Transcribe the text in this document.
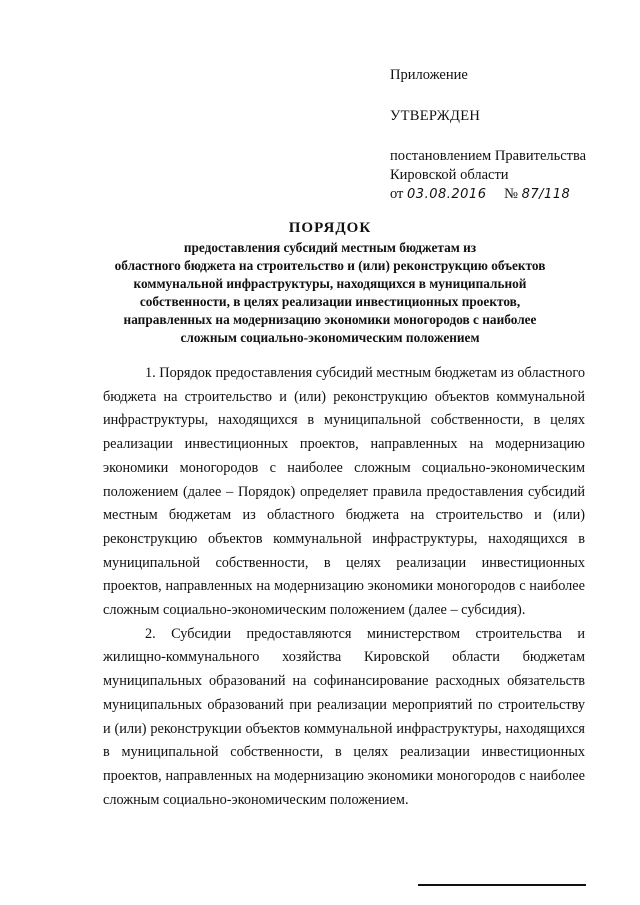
Приложение
УТВЕРЖДЕН
постановлением Правительства
Кировской области
от 03.08.2016 № 87/118
ПОРЯДОК
предоставления субсидий местным бюджетам из
областного бюджета на строительство и (или) реконструкцию объектов
коммунальной инфраструктуры, находящихся в муниципальной
собственности, в целях реализации инвестиционных проектов,
направленных на модернизацию экономики моногородов с наиболее
сложным социально-экономическим положением

1. Порядок предоставления субсидий местным бюджетам из областного бюджета на строительство и (или) реконструкцию объектов коммунальной инфраструктуры, находящихся в муниципальной собственности, в целях реализации инвестиционных проектов, направленных на модернизацию экономики моногородов с наиболее сложным социально-экономическим положением (далее – Порядок) определяет правила предоставления субсидий местным бюджетам из областного бюджета на строительство и (или) реконструкцию объектов коммунальной инфраструктуры, находящихся в муниципальной собственности, в целях реализации инвестиционных проектов, направленных на модернизацию экономики моногородов с наиболее сложным социально-экономическим положением (далее – субсидия).

2. Субсидии предоставляются министерством строительства и жилищно-коммунального хозяйства Кировской области бюджетам муниципальных образований на софинансирование расходных обязательств муниципальных образований при реализации мероприятий по строительству и (или) реконструкции объектов коммунальной инфраструктуры, находящихся в муниципальной собственности, в целях реализации инвестиционных проектов, направленных на модернизацию экономики моногородов с наиболее сложным социально-экономическим положением.
